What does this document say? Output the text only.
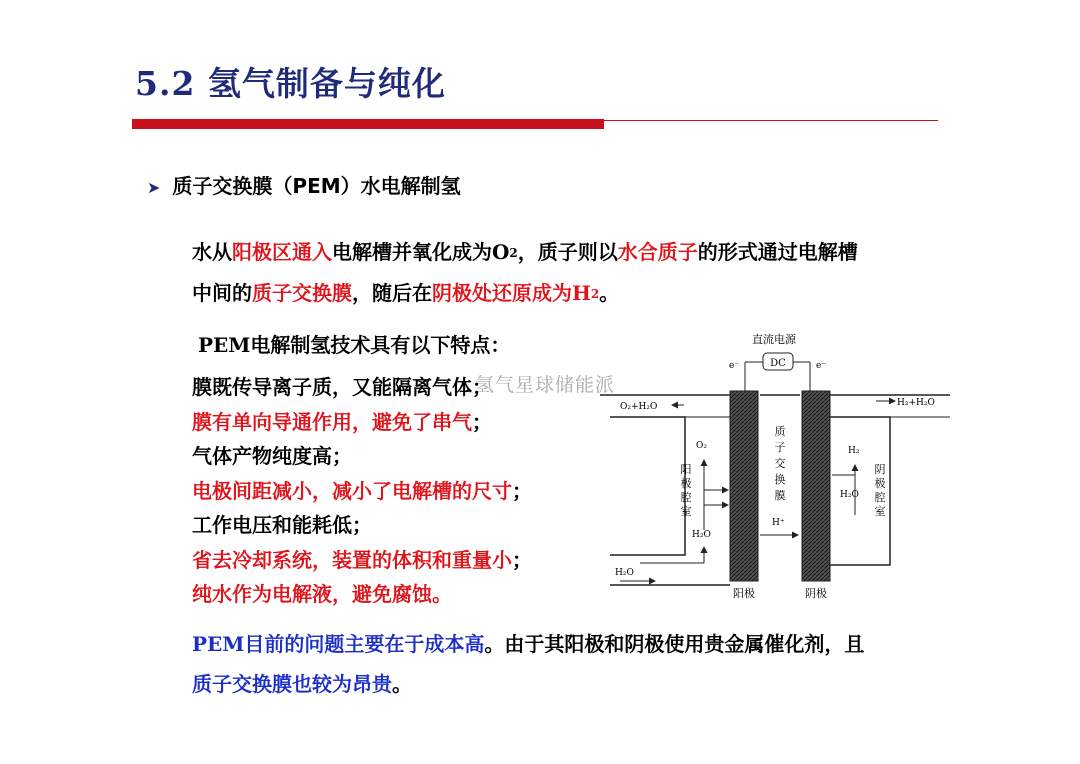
5.2 氢气制备与纯化
➤ 质子交换膜（PEM）水电解制氢
水从阳极区通入电解槽并氧化成为O2，质子则以水合质子的形式通过电解槽
中间的质子交换膜，随后在阴极处还原成为H2。
PEM电解制氢技术具有以下特点：
氢气星球储能派
膜既传导离子质，又能隔离气体；
膜有单向导通作用，避免了串气；
气体产物纯度高；
电极间距减小，减小了电解槽的尺寸；
工作电压和能耗低；
省去冷却系统，装置的体积和重量小；
纯水作为电解液，避免腐蚀。
直流电源
DC
e⁻	e⁻
O₂+H₂O	H₂+H₂O
质
子
交
换
膜
阳
极
腔
室
阴
极
腔
室
O₂
H₂O
H₂O
H⁺
H₂
H₂O
阳极	阴极
PEM目前的问题主要在于成本高。由于其阳极和阴极使用贵金属催化剂，且
质子交换膜也较为昂贵。
